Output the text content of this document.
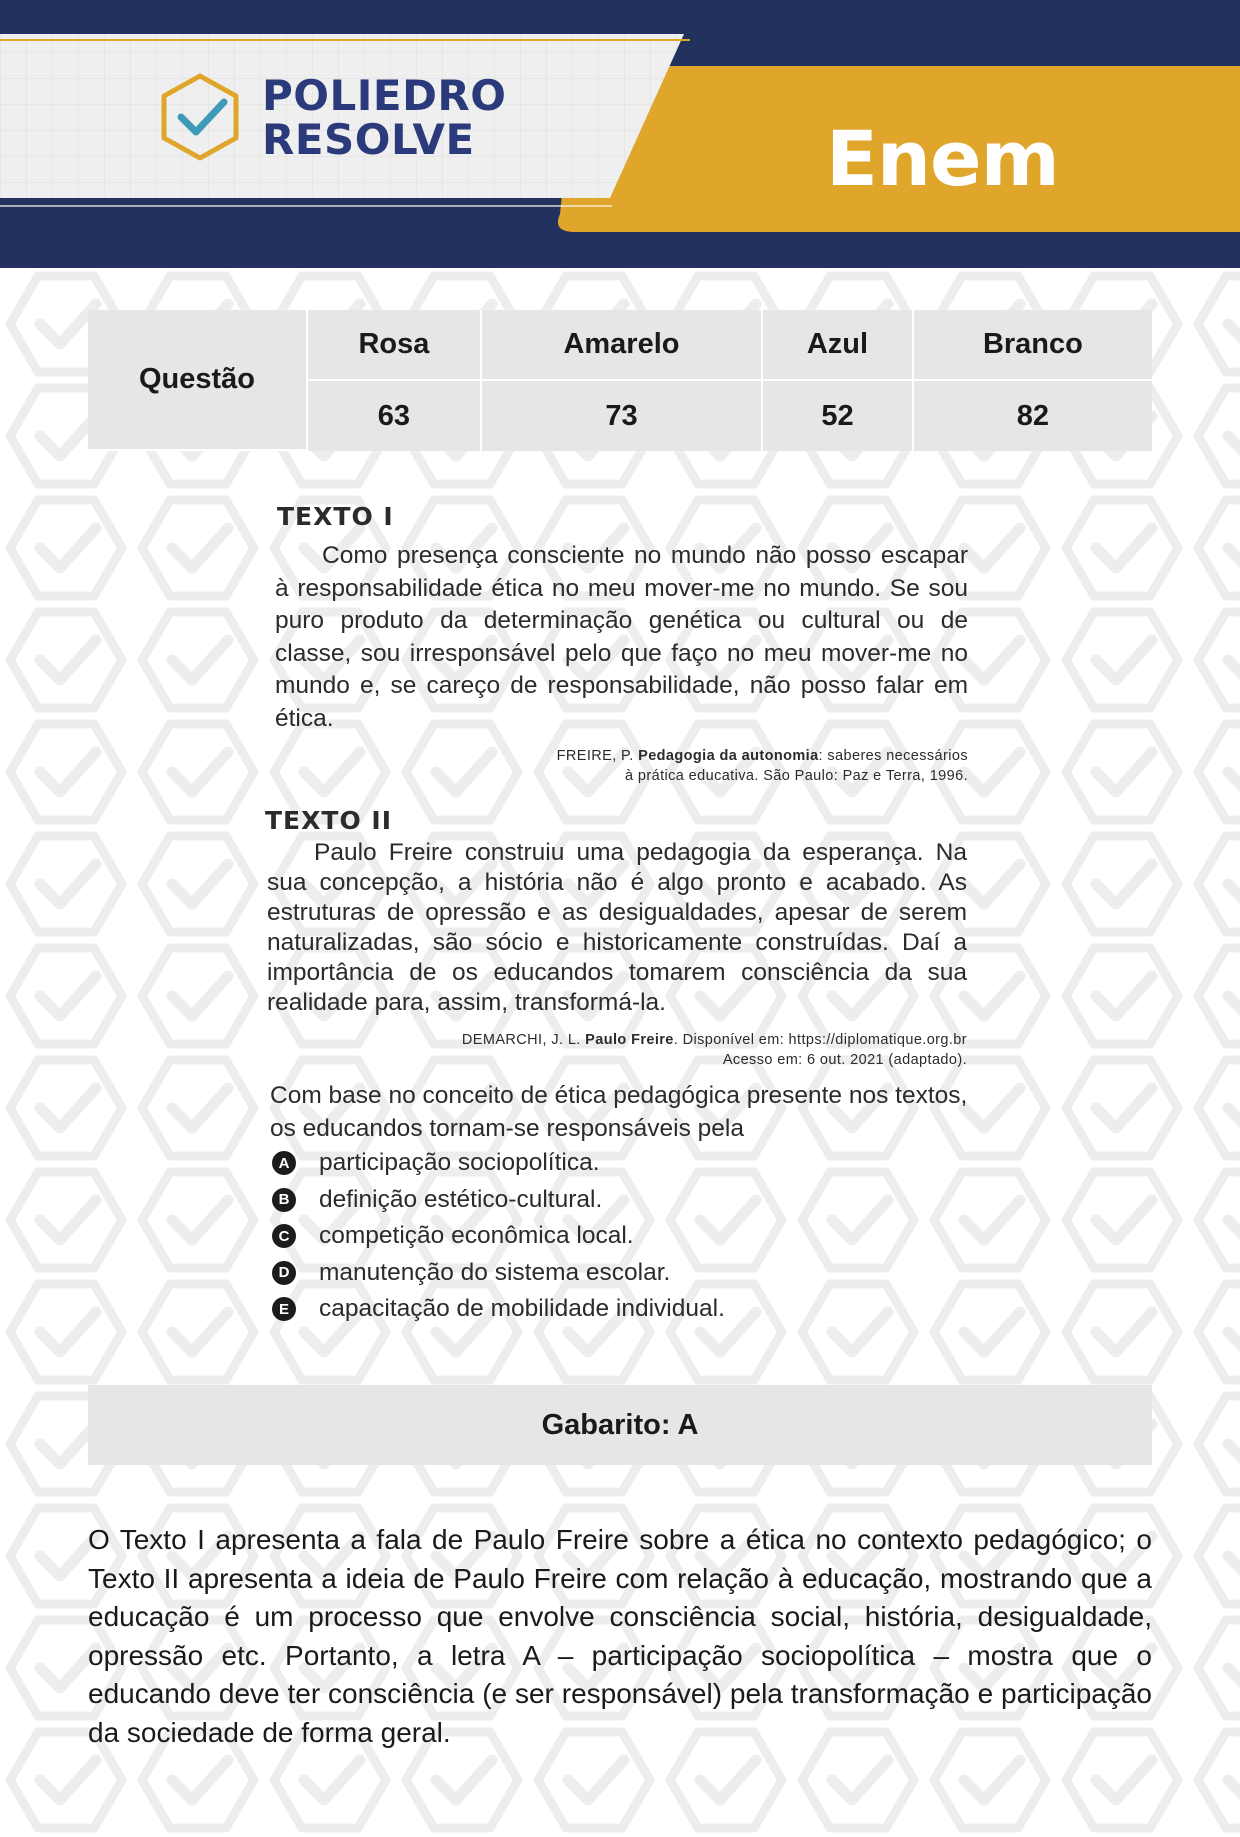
POLIEDRO
RESOLVE	Enem
Questão	Rosa	Amarelo	Azul	Branco
	63	73	52	82
TEXTO I
Como presença consciente no mundo não posso escapar à responsabilidade ética no meu mover-me no mundo. Se sou puro produto da determinação genética ou cultural ou de classe, sou irresponsável pelo que faço no meu mover-me no mundo e, se careço de responsabilidade, não posso falar em ética.
FREIRE, P. Pedagogia da autonomia: saberes necessários
à prática educativa. São Paulo: Paz e Terra, 1996.
TEXTO II
Paulo Freire construiu uma pedagogia da esperança. Na sua concepção, a história não é algo pronto e acabado. As estruturas de opressão e as desigualdades, apesar de serem naturalizadas, são sócio e historicamente construídas. Daí a importância de os educandos tomarem consciência da sua realidade para, assim, transformá-la.
DEMARCHI, J. L. Paulo Freire. Disponível em: https://diplomatique.org.br
Acesso em: 6 out. 2021 (adaptado).
Com base no conceito de ética pedagógica presente nos textos, os educandos tornam-se responsáveis pela
A participação sociopolítica.
B definição estético-cultural.
C competição econômica local.
D manutenção do sistema escolar.
E capacitação de mobilidade individual.
Gabarito: A
O Texto I apresenta a fala de Paulo Freire sobre a ética no contexto pedagógico; o Texto II apresenta a ideia de Paulo Freire com relação à educação, mostrando que a educação é um processo que envolve consciência social, história, desigualdade, opressão etc. Portanto, a letra A – participação sociopolítica – mostra que o educando deve ter consciência (e ser responsável) pela transformação e participação da sociedade de forma geral.
